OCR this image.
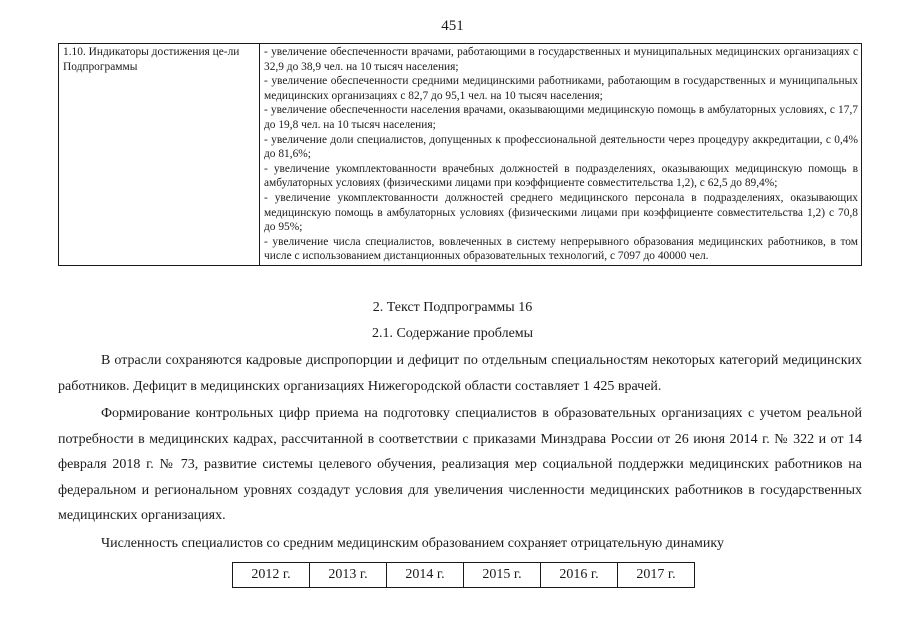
451
1.10. Индикаторы достижения це-ли Подпрограммы	
- увеличение обеспеченности врачами, работающими в государственных и муниципальных медицинских организациях с 32,9 до 38,9 чел. на 10 тысяч населения;
- увеличение обеспеченности средними медицинскими работниками, работающим в государственных и муниципальных медицинских организациях с 82,7 до 95,1 чел. на 10 тысяч населения;
- увеличение обеспеченности населения врачами, оказывающими медицинскую помощь в амбулаторных условиях, с 17,7 до 19,8 чел. на 10 тысяч населения;
- увеличение доли специалистов, допущенных к профессиональной деятельности через процедуру аккредитации, с 0,4% до 81,6%;
- увеличение укомплектованности врачебных должностей в подразделениях, оказывающих медицинскую помощь в амбулаторных условиях (физическими лицами при коэффициенте совместительства 1,2), с 62,5 до 89,4%;
- увеличение укомплектованности должностей среднего медицинского персонала в подразделениях, оказывающих медицинскую помощь в амбулаторных условиях (физическими лицами при коэффициенте совместительства 1,2) с 70,8 до 95%;
- увеличение числа специалистов, вовлеченных в систему непрерывного образования медицинских работников, в том числе с использованием дистанционных образовательных технологий, с 7097 до 40000 чел.
2. Текст Подпрограммы 16
2.1. Содержание проблемы

В отрасли сохраняются кадровые диспропорции и дефицит по отдельным специальностям некоторых категорий медицинских работников. Дефицит в медицинских организациях Нижегородской области составляет 1 425 врачей.

Формирование контрольных цифр приема на подготовку специалистов в образовательных организациях с учетом реальной потребности в медицинских кадрах, рассчитанной в соответствии с приказами Минздрава России от 26 июня 2014 г. № 322 и от 14 февраля 2018 г. № 73, развитие системы целевого обучения, реализация мер социальной поддержки медицинских работников на федеральном и региональном уровнях создадут условия для увеличения численности медицинских работников в государственных медицинских организациях.

Численность специалистов со средним медицинским образованием сохраняет отрицательную динамику

2012 г.	2013 г.	2014 г.	2015 г.	2016 г.	2017 г.
